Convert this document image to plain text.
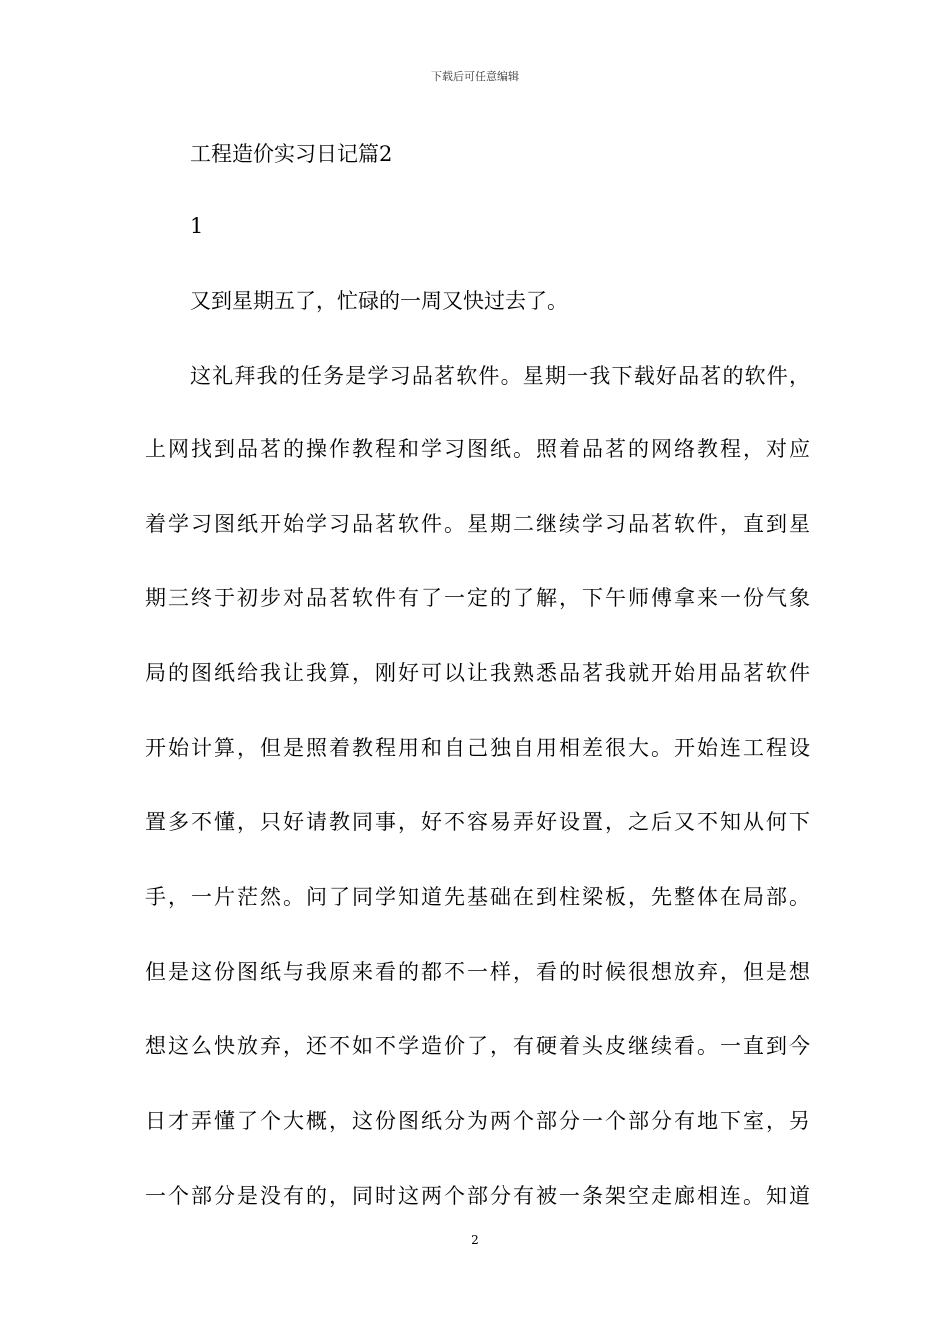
下载后可任意编辑
工程造价实习日记篇2
1
又到星期五了，忙碌的一周又快过去了。
这礼拜我的任务是学习品茗软件。星期一我下载好品茗的软件，
上网找到品茗的操作教程和学习图纸。照着品茗的网络教程，对应
着学习图纸开始学习品茗软件。星期二继续学习品茗软件，直到星
期三终于初步对品茗软件有了一定的了解，下午师傅拿来一份气象
局的图纸给我让我算，刚好可以让我熟悉品茗我就开始用品茗软件
开始计算，但是照着教程用和自己独自用相差很大。开始连工程设
置多不懂，只好请教同事，好不容易弄好设置，之后又不知从何下
手，一片茫然。问了同学知道先基础在到柱梁板，先整体在局部。
但是这份图纸与我原来看的都不一样，看的时候很想放弃，但是想
想这么快放弃，还不如不学造价了，有硬着头皮继续看。一直到今
日才弄懂了个大概，这份图纸分为两个部分一个部分有地下室，另
一个部分是没有的，同时这两个部分有被一条架空走廊相连。知道
2
